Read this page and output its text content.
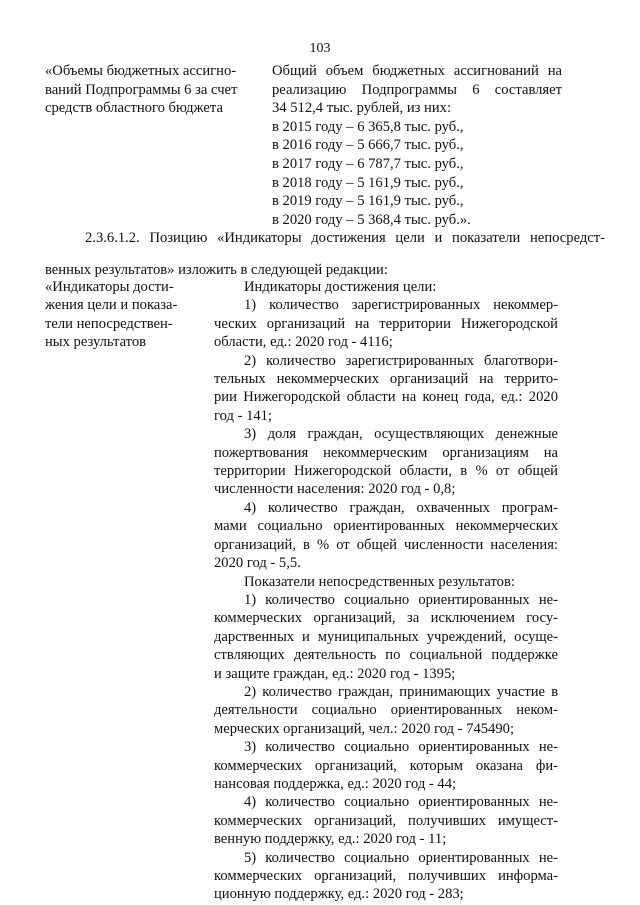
103
«Объемы бюджетных ассигно-
ваний Подпрограммы 6 за счет
средств областного бюджета
Общий объем бюджетных ассигнований на
реализацию Подпрограммы 6 составляет
34 512,4 тыс. рублей, из них:
в 2015 году – 6 365,8 тыс. руб.,
в 2016 году – 5 666,7 тыс. руб.,
в 2017 году – 6 787,7 тыс. руб.,
в 2018 году – 5 161,9 тыс. руб.,
в 2019 году – 5 161,9 тыс. руб.,
в 2020 году – 5 368,4 тыс. руб.».
2.3.6.1.2. Позицию «Индикаторы достижения цели и показатели непосредст-
венных результатов» изложить в следующей редакции:
«Индикаторы дости-
жения цели и показа-
тели непосредствен-
ных результатов
Индикаторы достижения цели:
1) количество зарегистрированных некоммер-
ческих организаций на территории Нижегородской
области, ед.: 2020 год - 4116;
2) количество зарегистрированных благотвори-
тельных некоммерческих организаций на террито-
рии Нижегородской области на конец года, ед.: 2020
год - 141;
3) доля граждан, осуществляющих денежные
пожертвования некоммерческим организациям на
территории Нижегородской области, в % от общей
численности населения: 2020 год - 0,8;
4) количество граждан, охваченных програм-
мами социально ориентированных некоммерческих
организаций, в % от общей численности населения:
2020 год - 5,5.
Показатели непосредственных результатов:
1) количество социально ориентированных не-
коммерческих организаций, за исключением госу-
дарственных и муниципальных учреждений, осуще-
ствляющих деятельность по социальной поддержке
и защите граждан, ед.: 2020 год - 1395;
2) количество граждан, принимающих участие в
деятельности социально ориентированных неком-
мерческих организаций, чел.: 2020 год - 745490;
3) количество социально ориентированных не-
коммерческих организаций, которым оказана фи-
нансовая поддержка, ед.: 2020 год - 44;
4) количество социально ориентированных не-
коммерческих организаций, получивших имущест-
венную поддержку, ед.: 2020 год - 11;
5) количество социально ориентированных не-
коммерческих организаций, получивших информа-
ционную поддержку, ед.: 2020 год - 283;
